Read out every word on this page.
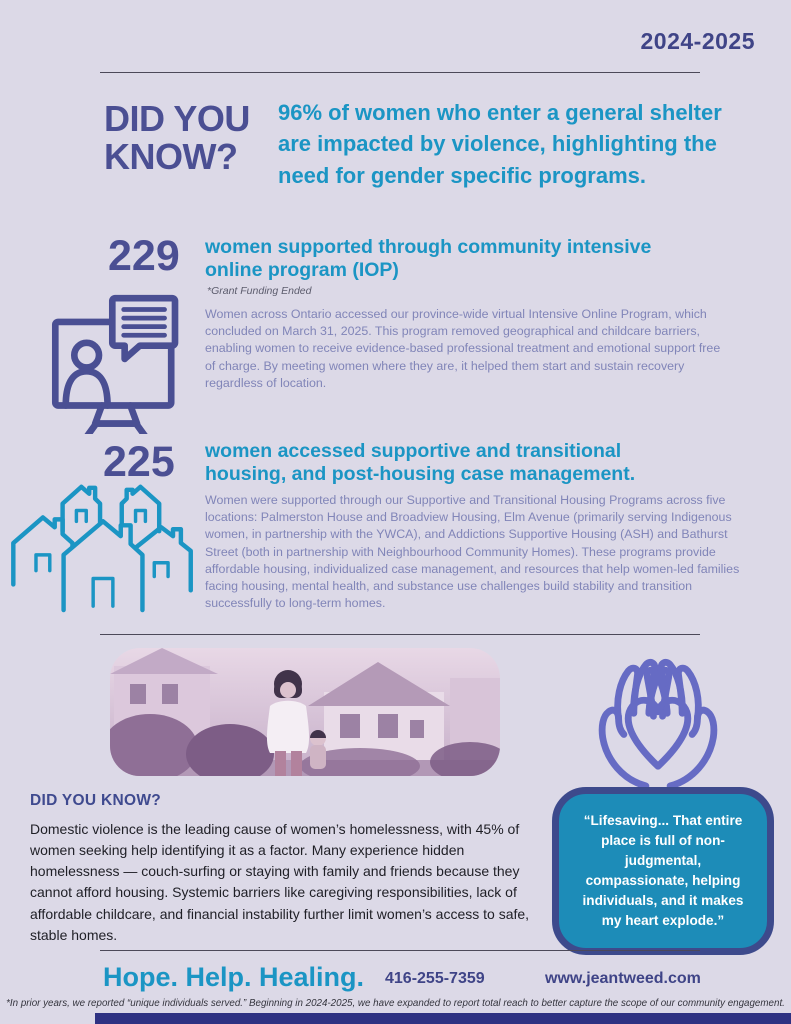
2024-2025
DID YOU
KNOW?
96% of women who enter a general shelter are impacted by violence, highlighting the need for gender specific programs.
229 women supported through community intensive online program (IOP)
*Grant Funding Ended
Women across Ontario accessed our province-wide virtual Intensive Online Program, which concluded on March 31, 2025. This program removed geographical and childcare barriers, enabling women to receive evidence-based professional treatment and emotional support free of charge. By meeting women where they are, it helped them start and sustain recovery regardless of location.
225 women accessed supportive and transitional housing, and post-housing case management.
Women were supported through our Supportive and Transitional Housing Programs across five locations: Palmerston House and Broadview Housing, Elm Avenue (primarily serving Indigenous women, in partnership with the YWCA), and Addictions Supportive Housing (ASH) and Bathurst Street (both in partnership with Neighbourhood Community Homes). These programs provide affordable housing, individualized case management, and resources that help women-led families facing housing, mental health, and substance use challenges build stability and transition successfully to long-term homes.
DID YOU KNOW?
Domestic violence is the leading cause of women’s homelessness, with 45% of women seeking help identifying it as a factor. Many experience hidden homelessness — couch-surfing or staying with family and friends because they cannot afford housing. Systemic barriers like caregiving responsibilities, lack of affordable childcare, and financial instability further limit women’s access to safe, stable homes.
“Lifesaving... That entire place is full of non-judgmental, compassionate, helping individuals, and it makes my heart explode.”
Hope. Help. Healing. 416-255-7359	www.jeantweed.com
*In prior years, we reported “unique individuals served.” Beginning in 2024-2025, we have expanded to report total reach to better capture the scope of our community engagement.
